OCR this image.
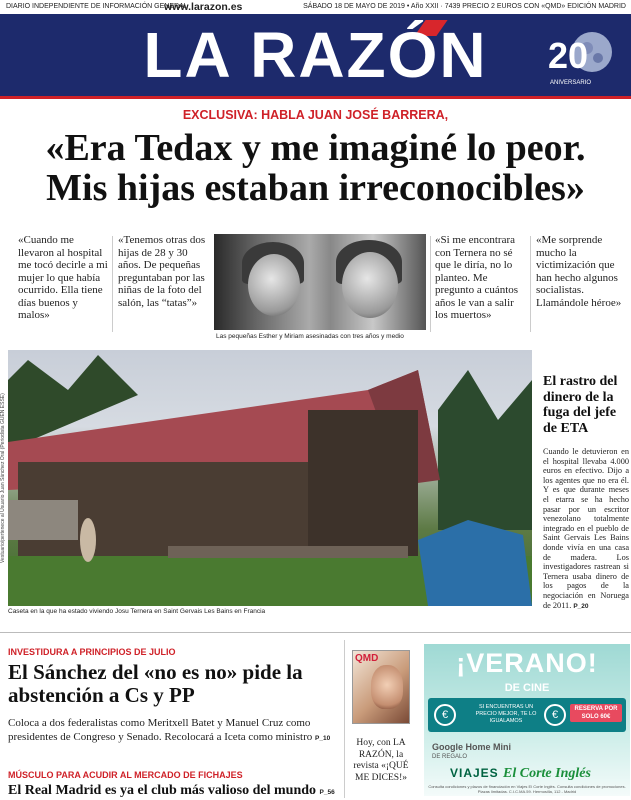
DIARIO INDEPENDIENTE DE INFORMACIÓN GENERAL
www.larazon.es	SÁBADO 18 DE MAYO DE 2019 • Año XXII · 7439 PRECIO 2 EUROS CON «QMD» EDICIÓN MADRID
LA RAZÓN	20
ANIVERSARIO
EXCLUSIVA: HABLA JUAN JOSÉ BARRERA,
«Era Tedax y me imaginé lo peor.
Mis hijas estaban irreconocibles»
«Cuando me llevaron al hospital me tocó decirle a mi mujer lo que había ocurrido. Ella tiene días buenos y malos»
«Tenemos otras dos hijas de 28 y 30 años. De pequeñas preguntaban por las niñas de la foto del salón, las “tatas”»
Las pequeñas Esther y Miriam asesinadas con tres años y medio
«Si me encontrara con Ternera no sé que le diría, no lo planteo. Me pregunto a cuántos años le van a salir los muertos»
«Me sorprende mucho la victimización que han hecho algunos socialistas. Llamándole héroe»
Vestuario/pertenece al Usuario Juan Sánchez Oral (Periodista GÜEN ESSE)
Caseta en la que ha estado viviendo Josu Ternera en Saint Gervais Les Bains en Francia
El rastro del dinero de la fuga del jefe de ETA
Cuando le detuvieron en el hospital llevaba 4.000 euros en efectivo. Dijo a los agentes que no era él. Y es que durante meses el etarra se ha hecho pasar por un escritor venezolano totalmente integrado en el pueblo de Saint Gervais Les Bains donde vivía en una casa de madera. Los investigadores rastrean si Ternera usaba dinero de los pagos de la negociación en Noruega de 2011. P_20
INVESTIDURA A PRINCIPIOS DE JULIO
El Sánchez del «no es no» pide la abstención a Cs y PP
Coloca a dos federalistas como Meritxell Batet y Manuel Cruz como presidentes de Congreso y Senado. Recolocará a Iceta como ministro P_10
MÚSCULO PARA ACUDIR AL MERCADO DE FICHAJES
El Real Madrid es ya el club más valioso del mundo P_56
QMD
Hoy, con LA RAZÓN, la revista «¡QUÉ ME DICES!»
¡VERANO!
DE CINE
€	€
SI ENCUENTRAS UN PRECIO MEJOR, TE LO IGUALAMOS
RESERVA POR SOLO 60€
Google Home Mini
DE REGALO
VIAJES El Corte Inglés
Consulta condiciones y plazos de financiación en Viajes El Corte Inglés. Consulta condiciones de promociones. Plazas limitadas. C.I.C.MA.59. Hermosilla, 112 - Madrid
